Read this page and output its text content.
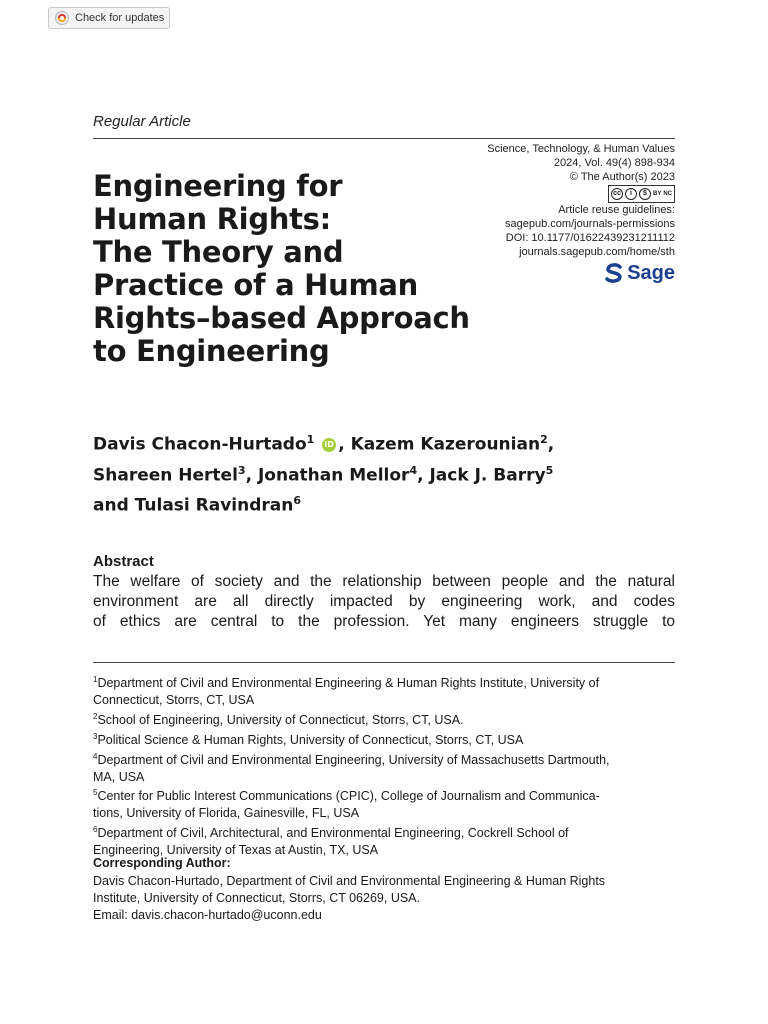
Check for updates
Regular Article
Science, Technology, & Human Values
2024, Vol. 49(4) 898-934
© The Author(s) 2023
cc	i	$	BY NC
Article reuse guidelines:
sagepub.com/journals-permissions
DOI: 10.1177/01622439231211112
journals.sagepub.com/home/sth
Sage
Engineering for
Human Rights:
The Theory and
Practice of a Human
Rights–based Approach
to Engineering
Davis Chacon-Hurtado$^1$ iD , Kazem Kazerounian$^2$,
Shareen Hertel$^3$, Jonathan Mellor$^4$, Jack J. Barry$^5$
and Tulasi Ravindran$^6$
Abstract
The welfare of society and the relationship between people and the natural
environment are all directly impacted by engineering work, and codes
of ethics are central to the profession. Yet many engineers struggle to

$^1$Department of Civil and Environmental Engineering & Human Rights Institute, University of
Connecticut, Storrs, CT, USA

$^2$School of Engineering, University of Connecticut, Storrs, CT, USA.

$^3$Political Science & Human Rights, University of Connecticut, Storrs, CT, USA

$^4$Department of Civil and Environmental Engineering, University of Massachusetts Dartmouth,
MA, USA

$^5$Center for Public Interest Communications (CPIC), College of Journalism and Communica-
tions, University of Florida, Gainesville, FL, USA

$^6$Department of Civil, Architectural, and Environmental Engineering, Cockrell School of
Engineering, University of Texas at Austin, TX, USA

Corresponding Author:

Davis Chacon-Hurtado, Department of Civil and Environmental Engineering & Human Rights

Institute, University of Connecticut, Storrs, CT 06269, USA.

Email: davis.chacon-hurtado@uconn.edu
